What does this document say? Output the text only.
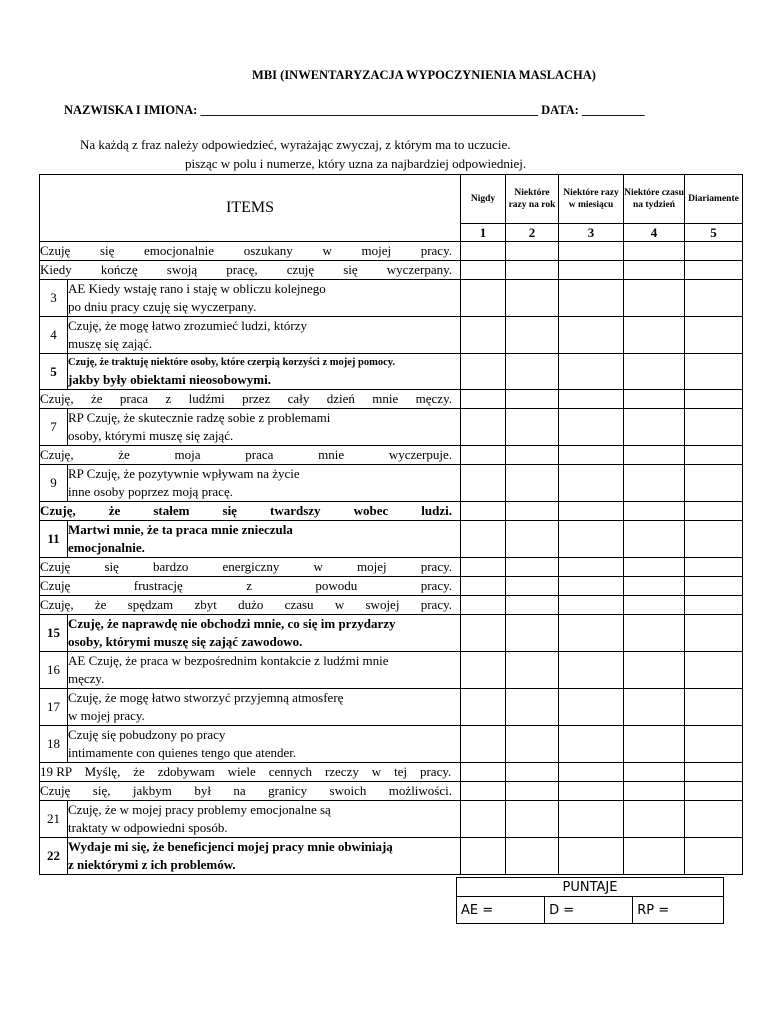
MBI (INWENTARYZACJA WYPOCZYNIENIA MASLACHA)
NAZWISKA I IMIONA: ______________________________________________________ DATA: __________
Na każdą z fraz należy odpowiedzieć, wyrażając zwyczaj, z którym ma to uczucie.
pisząc w polu i numerze, który uzna za najbardziej odpowiedniej.
ITEMS		Nigdy	Niektóre razy na rok	Niektóre razy w miesiącu	Niektóre czasu na tydzień	Diariamente
		1	2	3	4	5
Czuję się emocjonalnie oszukany w mojej pracy.						
Kiedy kończę swoją pracę, czuję się wyczerpany.						
3	AE Kiedy wstaję rano i staję w obliczu kolejnego
po dniu pracy czuję się wyczerpany.					

4	Czuję, że mogę łatwo zrozumieć ludzi, którzy
muszę się zająć.					

5	Czuję, że traktuję niektóre osoby, które czerpią korzyści z mojej pomocy.
jakby były obiektami nieosobowymi.					

Czuję, że praca z ludźmi przez cały dzień mnie męczy.						
7	RP Czuję, że skutecznie radzę sobie z problemami
osoby, którymi muszę się zająć.					

Czuję, że moja praca mnie wyczerpuje.						
9	RP Czuję, że pozytywnie wpływam na życie
inne osoby poprzez moją pracę.					

Czuję, że stałem się twardszy wobec ludzi.						
11	Martwi mnie, że ta praca mnie znieczula
emocjonalnie.					

Czuję się bardzo energiczny w mojej pracy.						
Czuję frustrację z powodu pracy.						
Czuję, że spędzam zbyt dużo czasu w swojej pracy.						
15	Czuję, że naprawdę nie obchodzi mnie, co się im przydarzy
osoby, którymi muszę się zająć zawodowo.					

16	AE Czuję, że praca w bezpośrednim kontakcie z ludźmi mnie
męczy.					

17	Czuję, że mogę łatwo stworzyć przyjemną atmosferę
w mojej pracy.					

18	Czuję się pobudzony po pracy
intimamente con quienes tengo que atender.					

19 RP Myślę, że zdobywam wiele cennych rzeczy w tej pracy.						
Czuję się, jakbym był na granicy swoich możliwości.						
21	Czuję, że w mojej pracy problemy emocjonalne są
traktaty w odpowiedni sposób.					

22	Wydaje mi się, że beneficjenci mojej pracy mnie obwiniają
z niektórymi z ich problemów.					

PUNTAJE
AE =	D =	RP =
